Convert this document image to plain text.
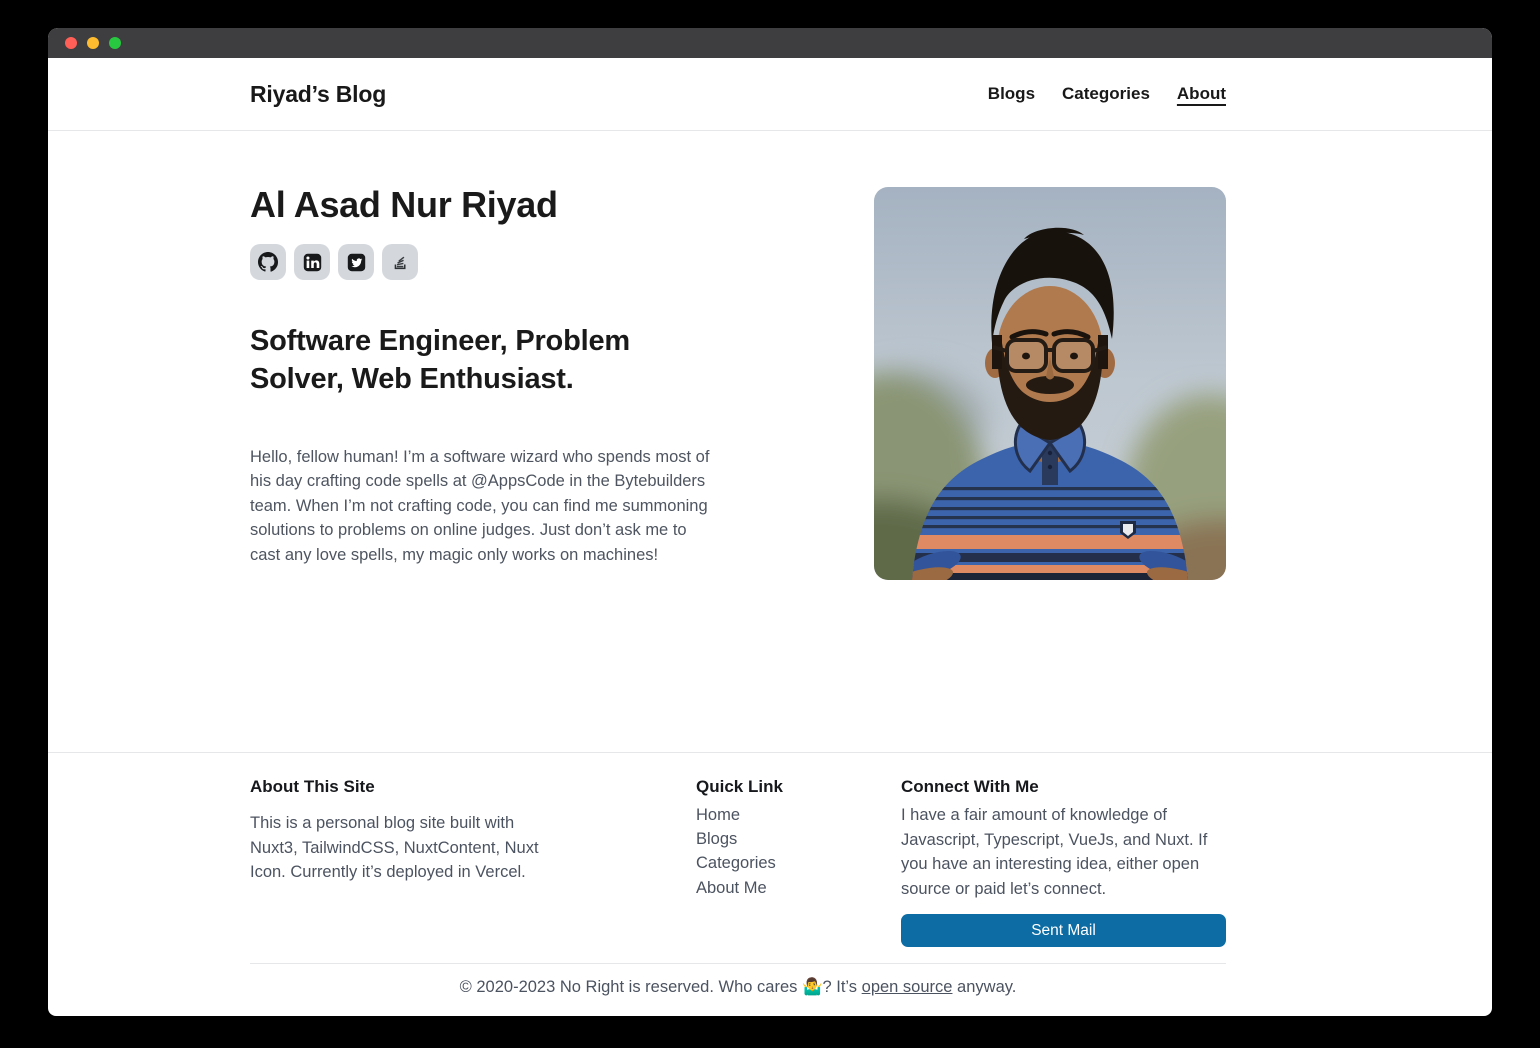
Riyad’s Blog	Blogs Categories About
Al Asad Nur Riyad
Software Engineer, Problem
Solver, Web Enthusiast.

Hello, fellow human! I’m a software wizard who spends most of his day crafting code spells at @AppsCode in the Bytebuilders team. When I’m not crafting code, you can find me summoning solutions to problems on online judges. Just don’t ask me to cast any love spells, my magic only works on machines!

About This Site

This is a personal blog site built with Nuxt3, TailwindCSS, NuxtContent, Nuxt Icon. Currently it’s deployed in Vercel.

Quick Link
Home
Blogs
Categories
About Me
Connect With Me

I have a fair amount of knowledge of Javascript, Typescript, VueJs, and Nuxt. If you have an interesting idea, either open source or paid let’s connect.

Sent Mail

© 2020-2023 No Right is reserved. Who cares 🤷‍♂️? It’s open source anyway.
